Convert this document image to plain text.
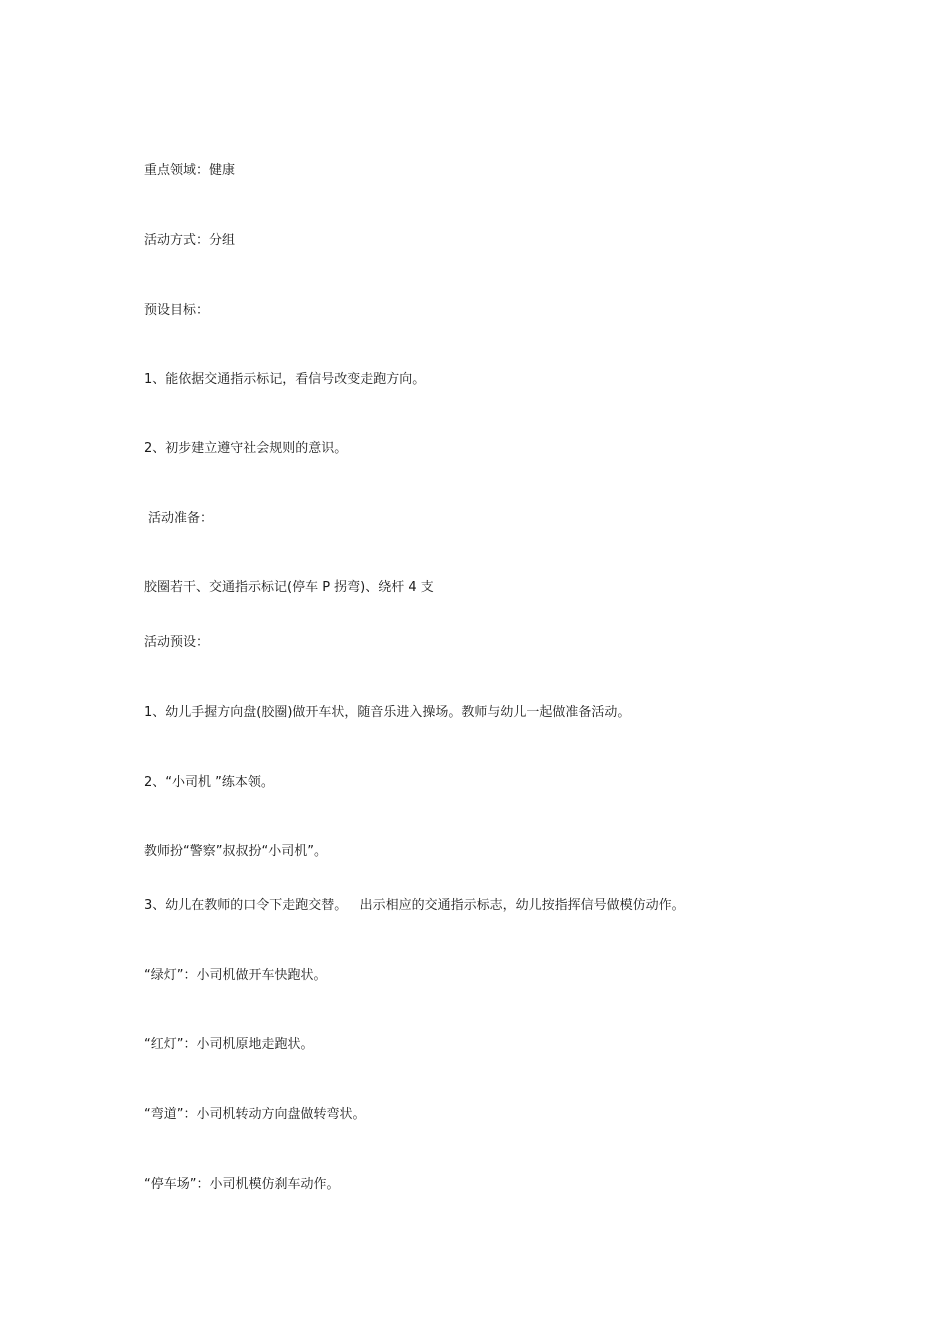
重点领域：健康

活动方式：分组

预设目标：

1、能依据交通指示标记，看信号改变走跑方向。

2、初步建立遵守社会规则的意识。

活动准备：

胶圈若干、交通指示标记(停车 P 拐弯)、绕杆 4 支

活动预设：

1、幼儿手握方向盘(胶圈)做开车状，随音乐进入操场。教师与幼儿一起做准备活动。

2、“小司机 ”练本领。

教师扮“警察”叔叔扮“小司机”。

3、幼儿在教师的口令下走跑交替。   出示相应的交通指示标志，幼儿按指挥信号做模仿动作。

“绿灯”：小司机做开车快跑状。

“红灯”：小司机原地走跑状。

“弯道”：小司机转动方向盘做转弯状。

“停车场”：小司机模仿刹车动作。
